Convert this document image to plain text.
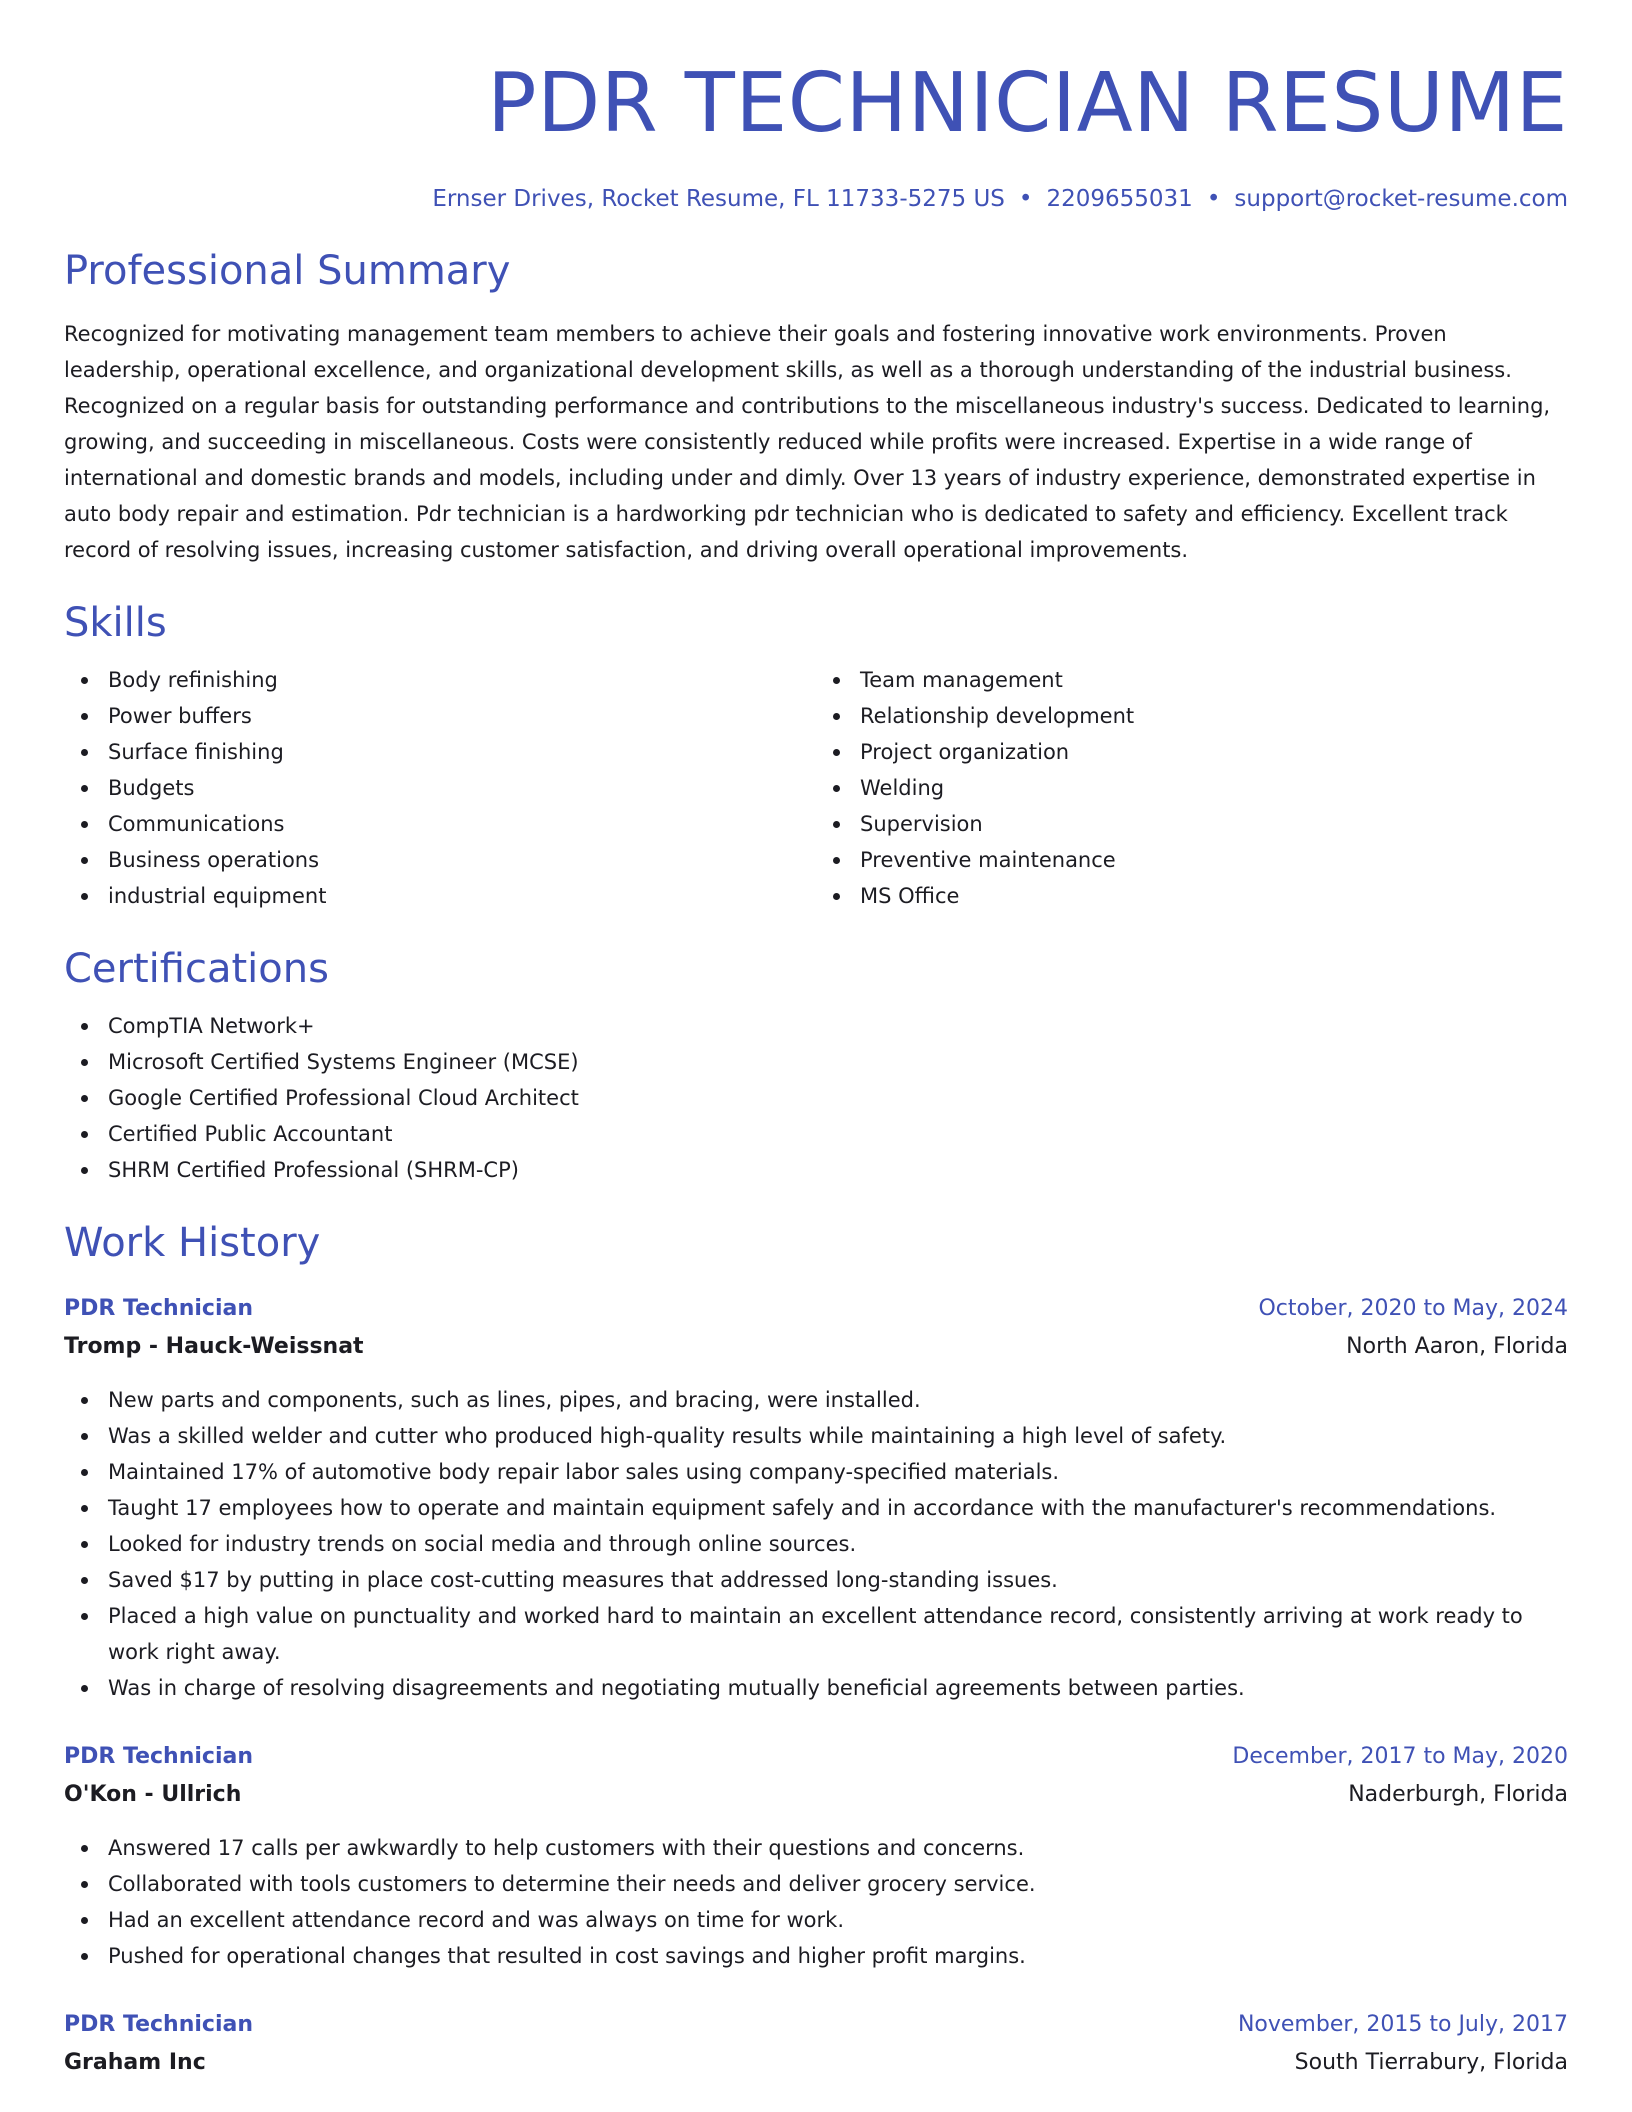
PDR TECHNICIAN RESUME
Ernser Drives, Rocket Resume, FL 11733-5275 US • 2209655031 • support@rocket-resume.com
Professional Summary

Recognized for motivating management team members to achieve their goals and fostering innovative work environments. Proven leadership, operational excellence, and organizational development skills, as well as a thorough understanding of the industrial business. Recognized on a regular basis for outstanding performance and contributions to the miscellaneous industry's success. Dedicated to learning, growing, and succeeding in miscellaneous. Costs were consistently reduced while profits were increased. Expertise in a wide range of international and domestic brands and models, including under and dimly. Over 13 years of industry experience, demonstrated expertise in auto body repair and estimation. Pdr technician is a hardworking pdr technician who is dedicated to safety and efficiency. Excellent track record of resolving issues, increasing customer satisfaction, and driving overall operational improvements.

Skills
Body refinishing
Power buffers
Surface finishing
Budgets
Communications
Business operations
industrial equipment
Team management
Relationship development
Project organization
Welding
Supervision
Preventive maintenance
MS Office
Certifications
CompTIA Network+
Microsoft Certified Systems Engineer (MCSE)
Google Certified Professional Cloud Architect
Certified Public Accountant
SHRM Certified Professional (SHRM-CP)
Work History
PDR Technician	October, 2020 to May, 2024
Tromp - Hauck-Weissnat	North Aaron, Florida
New parts and components, such as lines, pipes, and bracing, were installed.
Was a skilled welder and cutter who produced high-quality results while maintaining a high level of safety.
Maintained 17% of automotive body repair labor sales using company-specified materials.
Taught 17 employees how to operate and maintain equipment safely and in accordance with the manufacturer's recommendations.
Looked for industry trends on social media and through online sources.
Saved $17 by putting in place cost-cutting measures that addressed long-standing issues.
Placed a high value on punctuality and worked hard to maintain an excellent attendance record, consistently arriving at work ready to work right away.
Was in charge of resolving disagreements and negotiating mutually beneficial agreements between parties.
PDR Technician	December, 2017 to May, 2020
O'Kon - Ullrich	Naderburgh, Florida
Answered 17 calls per awkwardly to help customers with their questions and concerns.
Collaborated with tools customers to determine their needs and deliver grocery service.
Had an excellent attendance record and was always on time for work.
Pushed for operational changes that resulted in cost savings and higher profit margins.
PDR Technician	November, 2015 to July, 2017
Graham Inc	South Tierrabury, Florida
